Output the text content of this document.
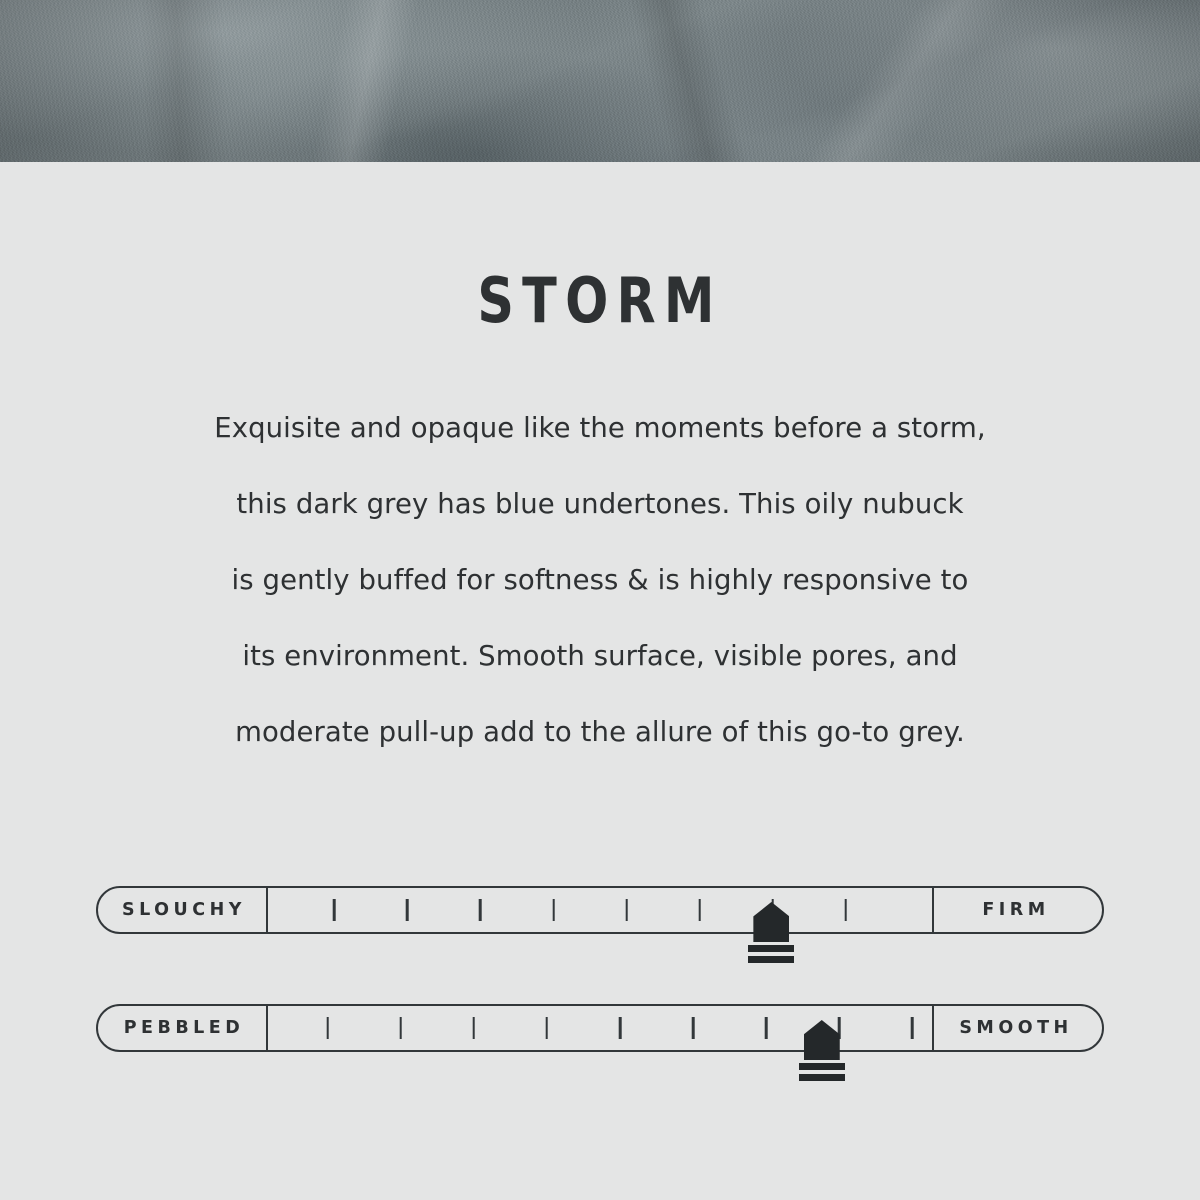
STORM
Exquisite and opaque like the moments before a storm,
this dark grey has blue undertones. This oily nubuck
is gently buffed for softness & is highly responsive to
its environment. Smooth surface, visible pores, and
moderate pull-up add to the allure of this go-to grey.
SLOUCHY	FIRM
PEBBLED	SMOOTH
